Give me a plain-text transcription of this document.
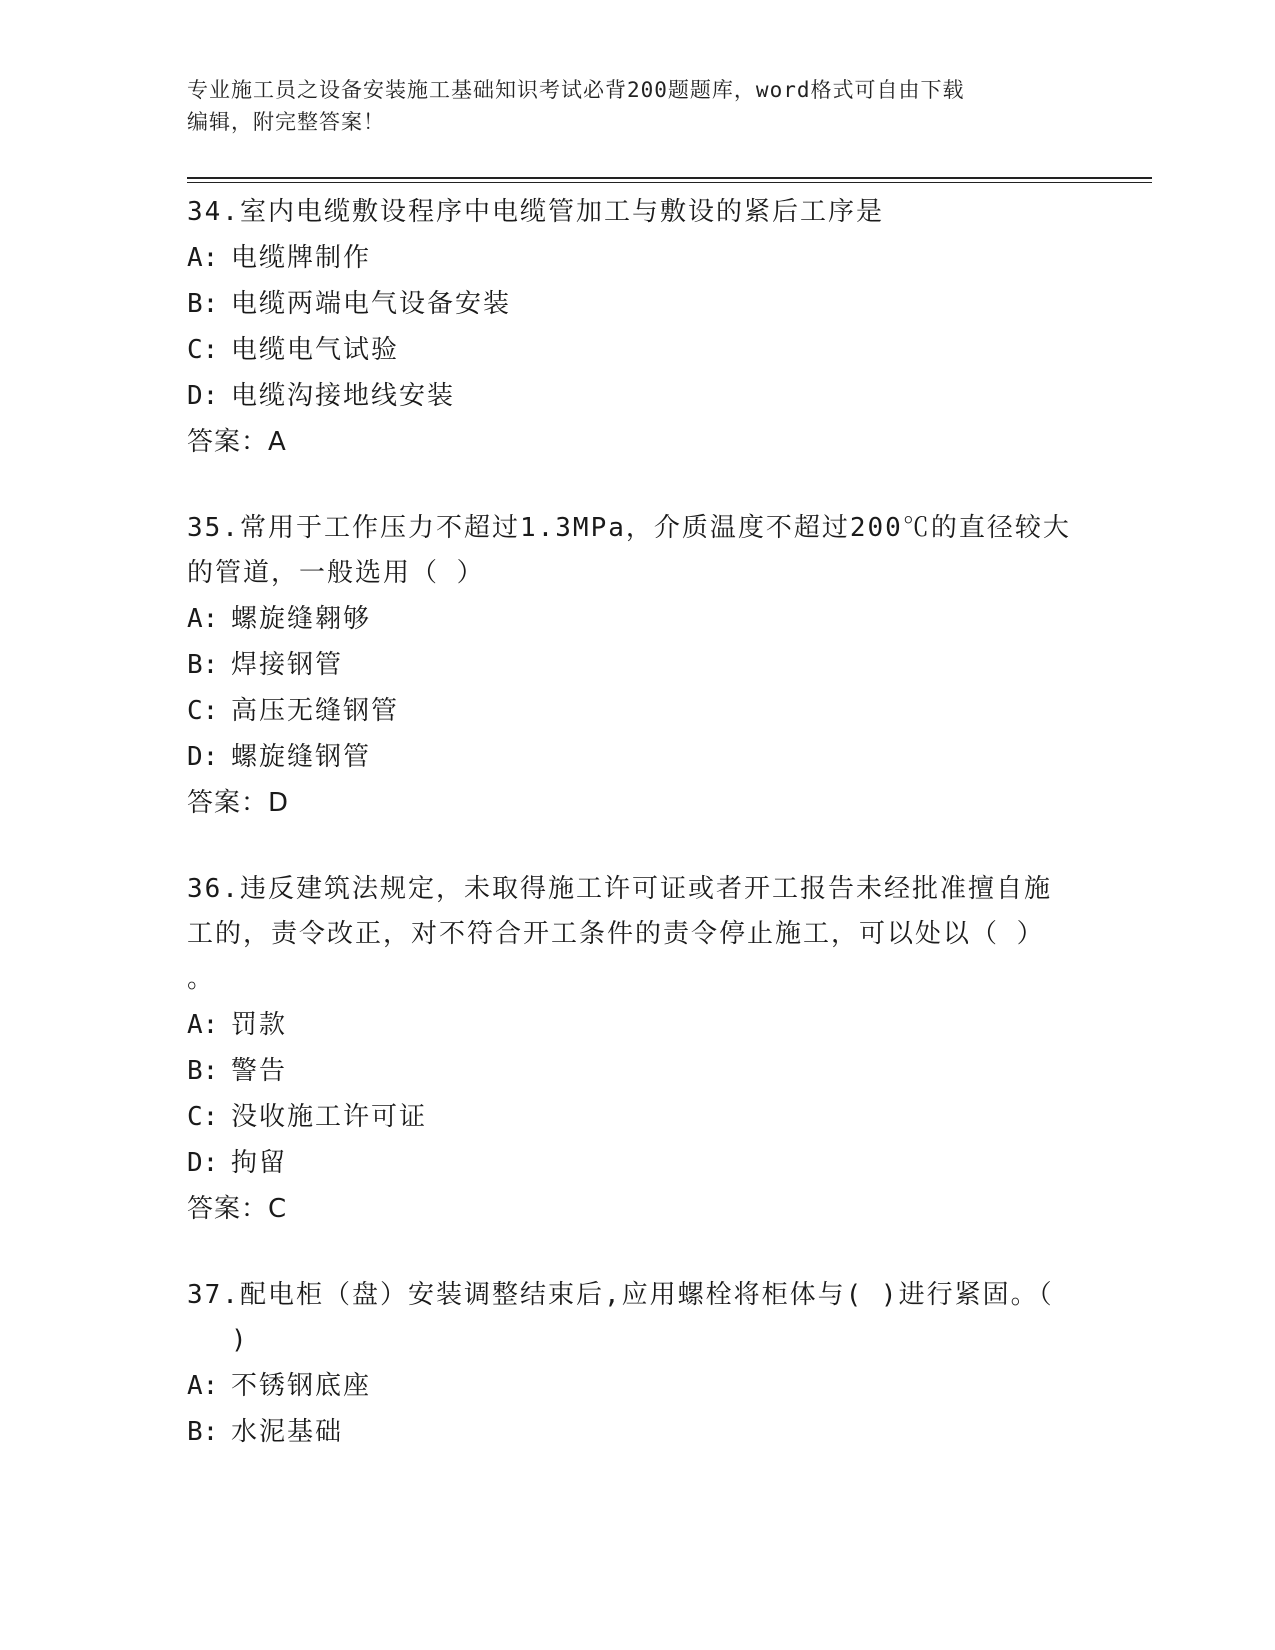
专业施工员之设备安装施工基础知识考试必背200题题库，word格式可自由下载
编辑，附完整答案！

34.室内电缆敷设程序中电缆管加工与敷设的紧后工序是

A: 电缆牌制作

B: 电缆两端电气设备安装

C: 电缆电气试验

D: 电缆沟接地线安装

答案：A

35.常用于工作压力不超过1.3MPa，介质温度不超过200℃的直径较大

的管道，一般选用（ ）

A: 螺旋缝翱够

B: 焊接钢管

C: 高压无缝钢管

D: 螺旋缝钢管

答案：D

36.违反建筑法规定，未取得施工许可证或者开工报告未经批准擅自施

工的，责令改正，对不符合开工条件的责令停止施工，可以处以（ ）

。

A: 罚款

B: 警告

C: 没收施工许可证

D: 拘留

答案：C

37.配电柜（盘）安装调整结束后,应用螺栓将柜体与( )进行紧固。（

)

A: 不锈钢底座

B: 水泥基础
